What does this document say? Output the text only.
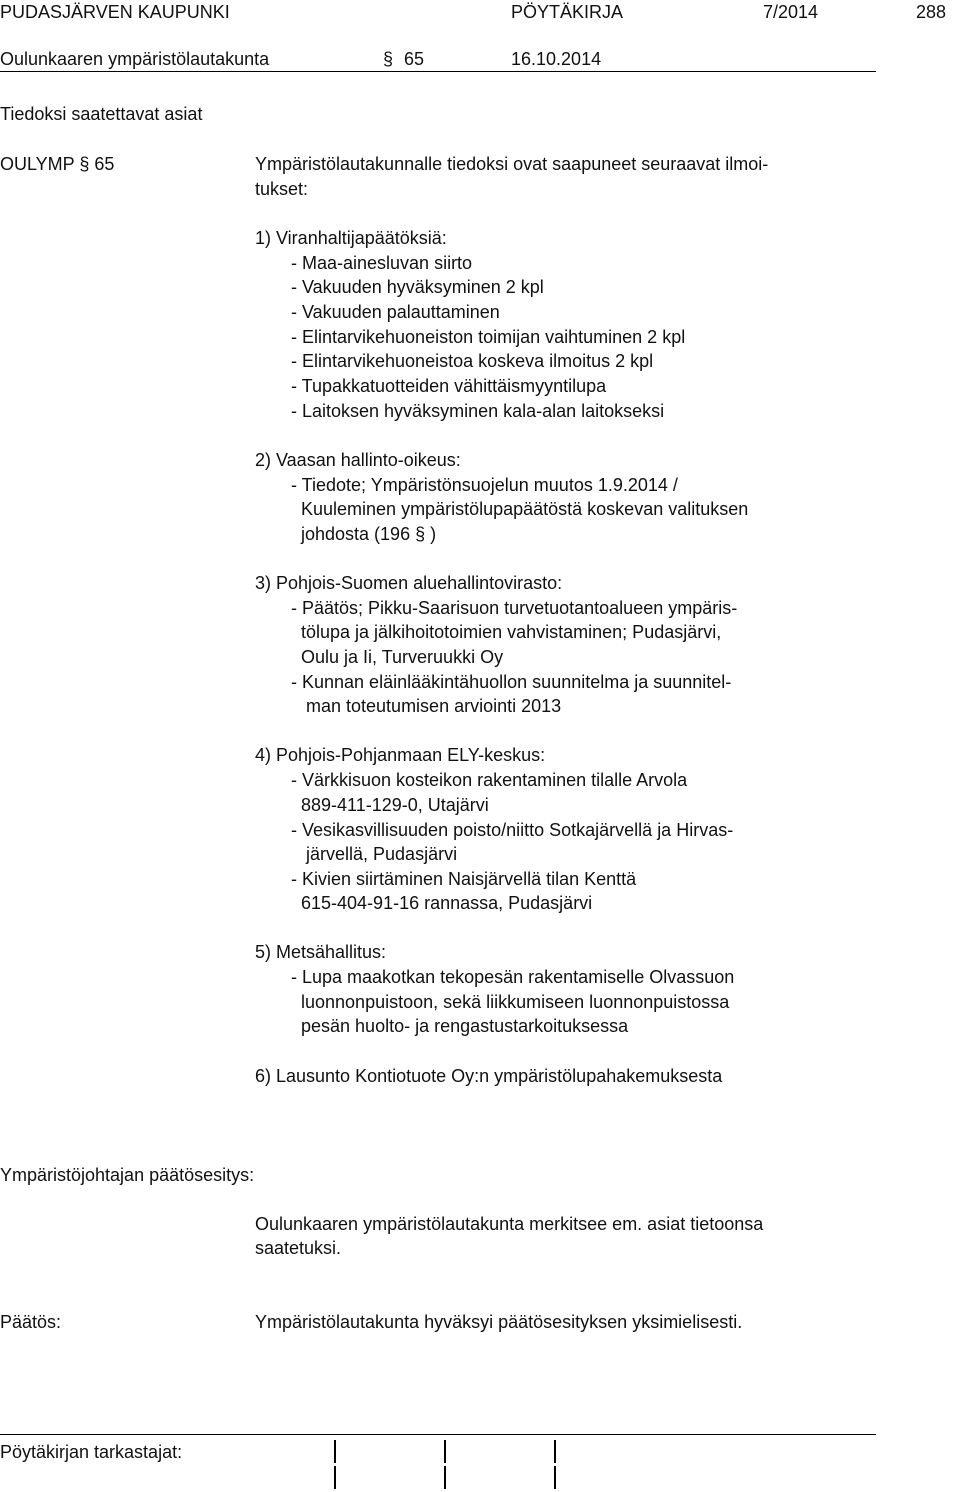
PUDASJÄRVEN KAUPUNKI	PÖYTÄKIRJA	7/2014	288
Oulunkaaren ympäristölautakunta	§ 65	16.10.2014
Tiedoksi saatettavat asiat
OULYMP § 65	Ympäristölautakunnalle tiedoksi ovat saapuneet seuraavat ilmoi-
tukset:
1) Viranhaltijapäätöksiä:
- Maa-ainesluvan siirto
- Vakuuden hyväksyminen 2 kpl
- Vakuuden palauttaminen
- Elintarvikehuoneiston toimijan vaihtuminen 2 kpl
- Elintarvikehuoneistoa koskeva ilmoitus 2 kpl
- Tupakkatuotteiden vähittäismyyntilupa
- Laitoksen hyväksyminen kala-alan laitokseksi
2) Vaasan hallinto-oikeus:
- Tiedote; Ympäristönsuojelun muutos 1.9.2014 /
Kuuleminen ympäristölupapäätöstä koskevan valituksen
johdosta (196 § )
3) Pohjois-Suomen aluehallintovirasto:
- Päätös; Pikku-Saarisuon turvetuotantoalueen ympäris-
tölupa ja jälkihoitotoimien vahvistaminen; Pudasjärvi,
Oulu ja Ii, Turveruukki Oy
- Kunnan eläinlääkintähuollon suunnitelma ja suunnitel-
man toteutumisen arviointi 2013
4) Pohjois-Pohjanmaan ELY-keskus:
- Värkkisuon kosteikon rakentaminen tilalle Arvola
889-411-129-0, Utajärvi
- Vesikasvillisuuden poisto/niitto Sotkajärvellä ja Hirvas-
järvellä, Pudasjärvi
- Kivien siirtäminen Naisjärvellä tilan Kenttä
615-404-91-16 rannassa, Pudasjärvi
5) Metsähallitus:
- Lupa maakotkan tekopesän rakentamiselle Olvassuon
luonnonpuistoon, sekä liikkumiseen luonnonpuistossa
pesän huolto- ja rengastustarkoituksessa
6) Lausunto Kontiotuote Oy:n ympäristölupahakemuksesta
Ympäristöjohtajan päätösesitys:
Oulunkaaren ympäristölautakunta merkitsee em. asiat tietoonsa
saatetuksi.
Päätös:	Ympäristölautakunta hyväksyi päätösesityksen yksimielisesti.
Pöytäkirjan tarkastajat:
